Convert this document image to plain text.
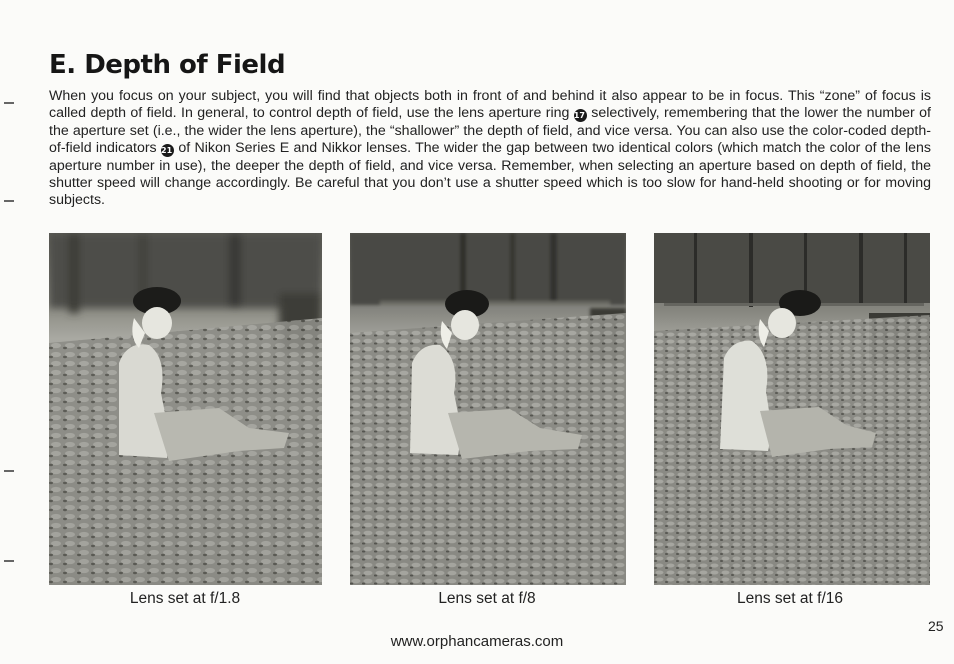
E. Depth of Field

When you focus on your subject, you will find that objects both in front of and behind it also appear to be in focus. This “zone” of focus is called depth of field. In general, to control depth of field, use the lens aperture ring 17 selectively, remembering that the lower the number of the aperture set (i.e., the wider the lens aperture), the “shallower” the depth of field, and vice versa. You can also use the color-coded depth-of-field indicators 21 of Nikon Series E and Nikkor lenses. The wider the gap between two identical colors (which match the color of the lens aperture number in use), the deeper the depth of field, and vice versa. Remember, when selecting an aperture based on depth of field, the shutter speed will change accordingly. Be careful that you don’t use a shutter speed which is too slow for hand-held shooting or for moving subjects.

Lens set at f/1.8	Lens set at f/8	Lens set at f/16

25

www.orphancameras.com
